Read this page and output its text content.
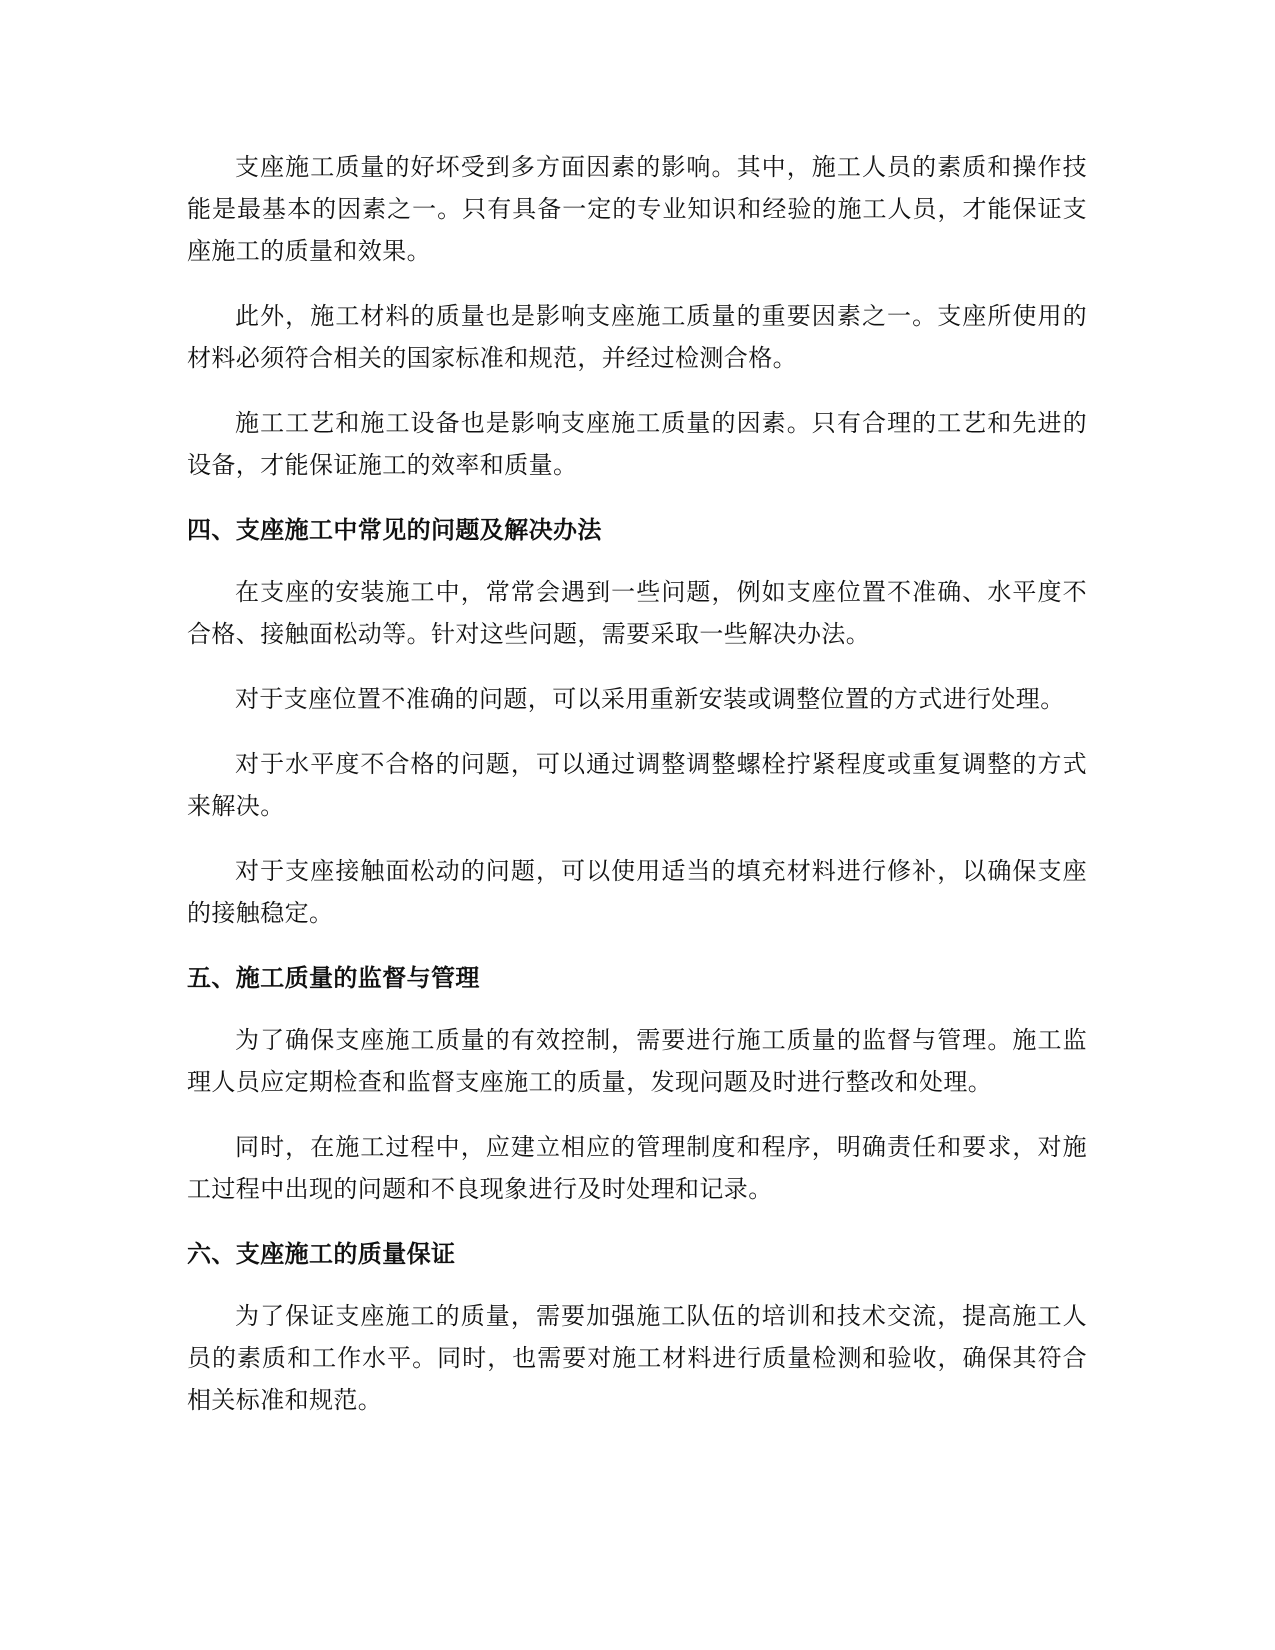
支座施工质量的好坏受到多方面因素的影响。其中，施工人员的素质和操作技能是最基本的因素之一。只有具备一定的专业知识和经验的施工人员，才能保证支座施工的质量和效果。

此外，施工材料的质量也是影响支座施工质量的重要因素之一。支座所使用的材料必须符合相关的国家标准和规范，并经过检测合格。

施工工艺和施工设备也是影响支座施工质量的因素。只有合理的工艺和先进的设备，才能保证施工的效率和质量。

四、支座施工中常见的问题及解决办法

在支座的安装施工中，常常会遇到一些问题，例如支座位置不准确、水平度不合格、接触面松动等。针对这些问题，需要采取一些解决办法。

对于支座位置不准确的问题，可以采用重新安装或调整位置的方式进行处理。

对于水平度不合格的问题，可以通过调整调整螺栓拧紧程度或重复调整的方式来解决。

对于支座接触面松动的问题，可以使用适当的填充材料进行修补，以确保支座的接触稳定。

五、施工质量的监督与管理

为了确保支座施工质量的有效控制，需要进行施工质量的监督与管理。施工监理人员应定期检查和监督支座施工的质量，发现问题及时进行整改和处理。

同时，在施工过程中，应建立相应的管理制度和程序，明确责任和要求，对施工过程中出现的问题和不良现象进行及时处理和记录。

六、支座施工的质量保证

为了保证支座施工的质量，需要加强施工队伍的培训和技术交流，提高施工人员的素质和工作水平。同时，也需要对施工材料进行质量检测和验收，确保其符合相关标准和规范。
